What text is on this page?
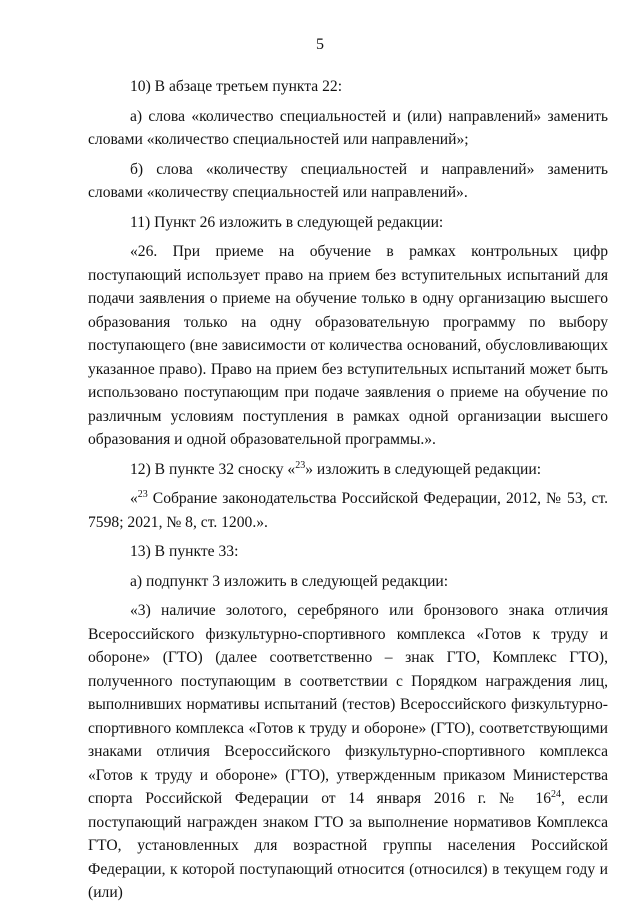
5

10) В абзаце третьем пункта 22:

а) слова «количество специальностей и (или) направлений» заменить словами «количество специальностей или направлений»;

б) слова «количеству специальностей и направлений» заменить словами «количеству специальностей или направлений».

11) Пункт 26 изложить в следующей редакции:

«26. При приеме на обучение в рамках контрольных цифр поступающий использует право на прием без вступительных испытаний для подачи заявления о приеме на обучение только в одну организацию высшего образования только на одну образовательную программу по выбору поступающего (вне зависимости от количества оснований, обусловливающих указанное право). Право на прием без вступительных испытаний может быть использовано поступающим при подаче заявления о приеме на обучение по различным условиям поступления в рамках одной организации высшего образования и одной образовательной программы.».

12) В пункте 32 сноску «$^{23}$» изложить в следующей редакции:

«$^{23}$ Собрание законодательства Российской Федерации, 2012, № 53, ст. 7598; 2021, № 8, ст. 1200.».

13) В пункте 33:

а) подпункт 3 изложить в следующей редакции:

«3) наличие золотого, серебряного или бронзового знака отличия Всероссийского физкультурно-спортивного комплекса «Готов к труду и обороне» (ГТО) (далее соответственно – знак ГТО, Комплекс ГТО), полученного поступающим в соответствии с Порядком награждения лиц, выполнивших нормативы испытаний (тестов) Всероссийского физкультурно-спортивного комплекса «Готов к труду и обороне» (ГТО), соответствующими знаками отличия Всероссийского физкультурно-спортивного комплекса «Готов к труду и обороне» (ГТО), утвержденным приказом Министерства спорта Российской Федерации от 14 января 2016 г. № $16^{24}$, если поступающий награжден знаком ГТО за выполнение нормативов Комплекса ГТО, установленных для возрастной группы населения Российской Федерации, к которой поступающий относится (относился) в текущем году и (или)
